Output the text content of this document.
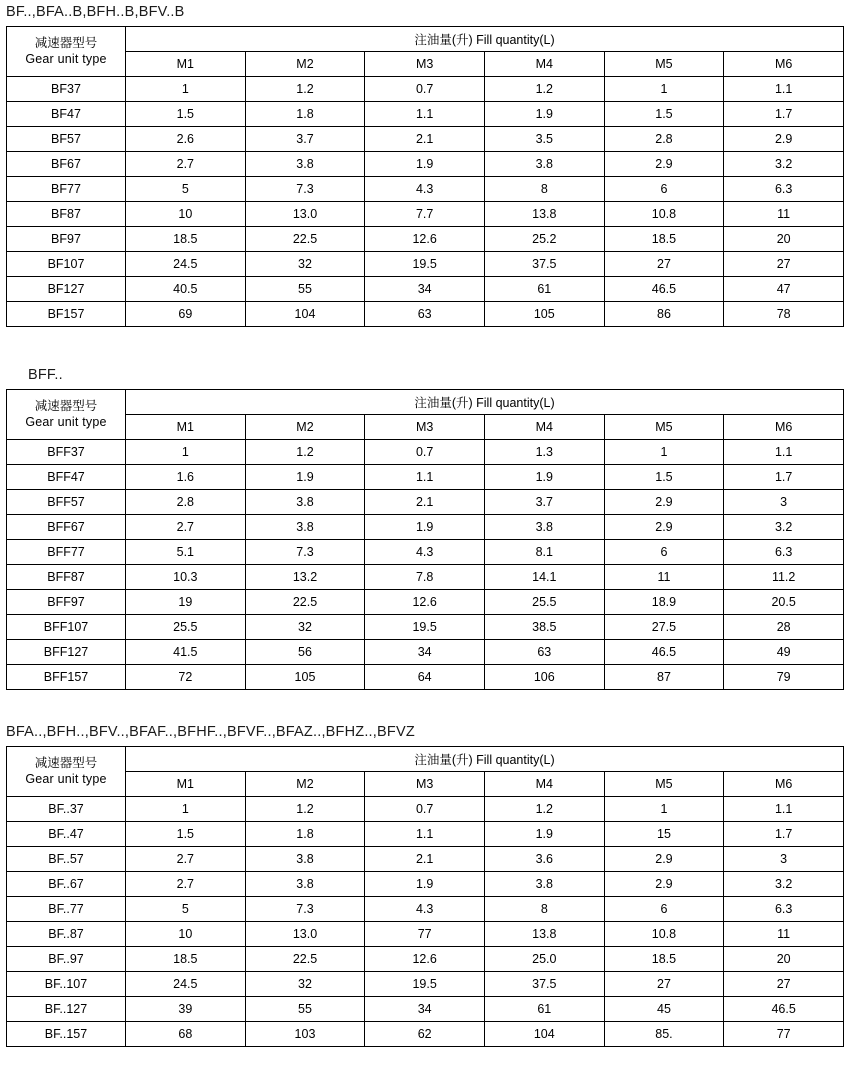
BF..,BFA..B,BFH..B,BFV..B
减速器型号
Gear unit type	注油量(升) Fill quantity(L)					
	M1	M2	M3	M4	M5	M6
BF37	1	1.2	0.7	1.2	1	1.1
BF47	1.5	1.8	1.1	1.9	1.5	1.7
BF57	2.6	3.7	2.1	3.5	2.8	2.9
BF67	2.7	3.8	1.9	3.8	2.9	3.2
BF77	5	7.3	4.3	8	6	6.3
BF87	10	13.0	7.7	13.8	10.8	11
BF97	18.5	22.5	12.6	25.2	18.5	20
BF107	24.5	32	19.5	37.5	27	27
BF127	40.5	55	34	61	46.5	47
BF157	69	104	63	105	86	78
BFF..
减速器型号
Gear unit type	注油量(升) Fill quantity(L)					
	M1	M2	M3	M4	M5	M6
BFF37	1	1.2	0.7	1.3	1	1.1
BFF47	1.6	1.9	1.1	1.9	1.5	1.7
BFF57	2.8	3.8	2.1	3.7	2.9	3
BFF67	2.7	3.8	1.9	3.8	2.9	3.2
BFF77	5.1	7.3	4.3	8.1	6	6.3
BFF87	10.3	13.2	7.8	14.1	11	11.2
BFF97	19	22.5	12.6	25.5	18.9	20.5
BFF107	25.5	32	19.5	38.5	27.5	28
BFF127	41.5	56	34	63	46.5	49
BFF157	72	105	64	106	87	79
BFA..,BFH..,BFV..,BFAF..,BFHF..,BFVF..,BFAZ..,BFHZ..,BFVZ
减速器型号
Gear unit type	注油量(升) Fill quantity(L)					
	M1	M2	M3	M4	M5	M6
BF..37	1	1.2	0.7	1.2	1	1.1
BF..47	1.5	1.8	1.1	1.9	15	1.7
BF..57	2.7	3.8	2.1	3.6	2.9	3
BF..67	2.7	3.8	1.9	3.8	2.9	3.2
BF..77	5	7.3	4.3	8	6	6.3
BF..87	10	13.0	77	13.8	10.8	11
BF..97	18.5	22.5	12.6	25.0	18.5	20
BF..107	24.5	32	19.5	37.5	27	27
BF..127	39	55	34	61	45	46.5
BF..157	68	103	62	104	85.	77
